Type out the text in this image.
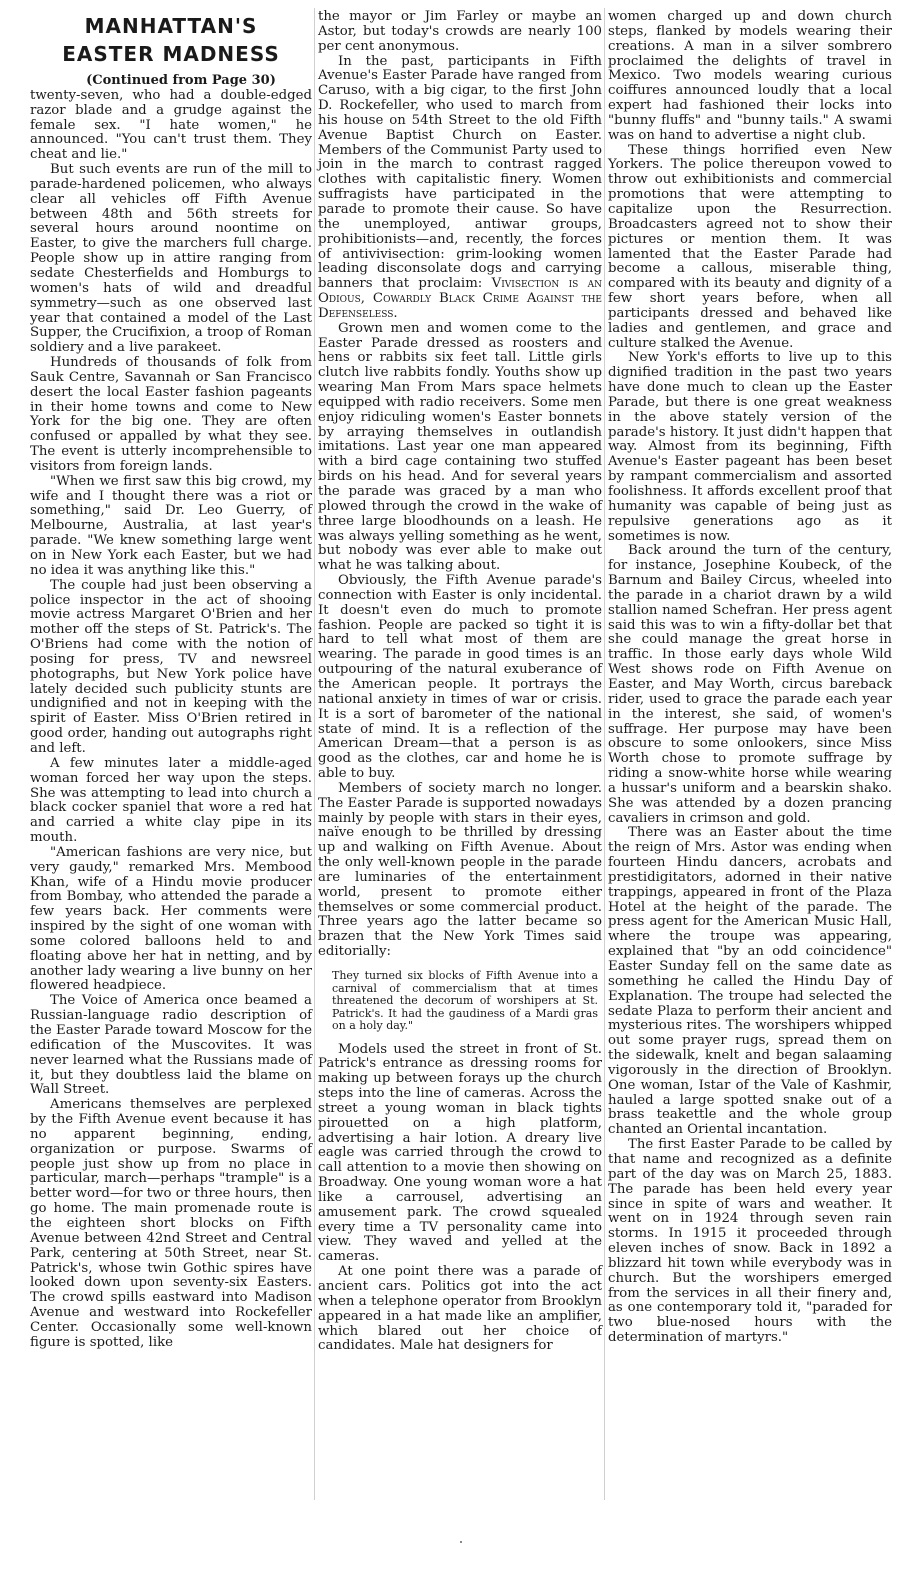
MANHATTAN'S
EASTER MADNESS

(Continued from Page 30)

twenty-seven, who had a double-edged razor blade and a grudge against the female sex. "I hate women," he announced. "You can't trust them. They cheat and lie."

But such events are run of the mill to parade-hardened policemen, who always clear all vehicles off Fifth Avenue between 48th and 56th streets for several hours around noontime on Easter, to give the marchers full charge. People show up in attire ranging from sedate Chesterfields and Homburgs to women's hats of wild and dreadful symmetry—such as one observed last year that contained a model of the Last Supper, the Crucifixion, a troop of Roman soldiery and a live parakeet.

Hundreds of thousands of folk from Sauk Centre, Savannah or San Francisco desert the local Easter fashion pageants in their home towns and come to New York for the big one. They are often confused or appalled by what they see. The event is utterly incomprehensible to visitors from foreign lands.

"When we first saw this big crowd, my wife and I thought there was a riot or something," said Dr. Leo Guerry, of Melbourne, Australia, at last year's parade. "We knew something large went on in New York each Easter, but we had no idea it was anything like this."

The couple had just been observing a police inspector in the act of shooing movie actress Margaret O'Brien and her mother off the steps of St. Patrick's. The O'Briens had come with the notion of posing for press, TV and newsreel photographs, but New York police have lately decided such publicity stunts are undignified and not in keeping with the spirit of Easter. Miss O'Brien retired in good order, handing out autographs right and left.

A few minutes later a middle-aged woman forced her way upon the steps. She was attempting to lead into church a black cocker spaniel that wore a red hat and carried a white clay pipe in its mouth.

"American fashions are very nice, but very gaudy," remarked Mrs. Membood Khan, wife of a Hindu movie producer from Bombay, who attended the parade a few years back. Her comments were inspired by the sight of one woman with some colored balloons held to and floating above her hat in netting, and by another lady wearing a live bunny on her flowered headpiece.

The Voice of America once beamed a Russian-language radio description of the Easter Parade toward Moscow for the edification of the Muscovites. It was never learned what the Russians made of it, but they doubtless laid the blame on Wall Street.

Americans themselves are perplexed by the Fifth Avenue event because it has no apparent beginning, ending, organization or purpose. Swarms of people just show up from no place in particular, march—perhaps "trample" is a better word—for two or three hours, then go home. The main promenade route is the eighteen short blocks on Fifth Avenue between 42nd Street and Central Park, centering at 50th Street, near St. Patrick's, whose twin Gothic spires have looked down upon seventy-six Easters. The crowd spills eastward into Madison Avenue and westward into Rockefeller Center. Occasionally some well-known figure is spotted, like

the mayor or Jim Farley or maybe an Astor, but today's crowds are nearly 100 per cent anonymous.

In the past, participants in Fifth Avenue's Easter Parade have ranged from Caruso, with a big cigar, to the first John D. Rockefeller, who used to march from his house on 54th Street to the old Fifth Avenue Baptist Church on Easter. Members of the Communist Party used to join in the march to contrast ragged clothes with capitalistic finery. Women suffragists have participated in the parade to promote their cause. So have the unemployed, antiwar groups, prohibitionists—and, recently, the forces of antivivisection: grim-looking women leading disconsolate dogs and carrying banners that proclaim: Vivisection is an Odious, Cowardly Black Crime Against the Defenseless.

Grown men and women come to the Easter Parade dressed as roosters and hens or rabbits six feet tall. Little girls clutch live rabbits fondly. Youths show up wearing Man From Mars space helmets equipped with radio receivers. Some men enjoy ridiculing women's Easter bonnets by arraying themselves in outlandish imitations. Last year one man appeared with a bird cage containing two stuffed birds on his head. And for several years the parade was graced by a man who plowed through the crowd in the wake of three large bloodhounds on a leash. He was always yelling something as he went, but nobody was ever able to make out what he was talking about.

Obviously, the Fifth Avenue parade's connection with Easter is only incidental. It doesn't even do much to promote fashion. People are packed so tight it is hard to tell what most of them are wearing. The parade in good times is an outpouring of the natural exuberance of the American people. It portrays the national anxiety in times of war or crisis. It is a sort of barometer of the national state of mind. It is a reflection of the American Dream—that a person is as good as the clothes, car and home he is able to buy.

Members of society march no longer. The Easter Parade is supported nowadays mainly by people with stars in their eyes, naïve enough to be thrilled by dressing up and walking on Fifth Avenue. About the only well-known people in the parade are luminaries of the entertainment world, present to promote either themselves or some commercial product. Three years ago the latter became so brazen that the New York Times said editorially:

They turned six blocks of Fifth Avenue into a carnival of commercialism that at times threatened the decorum of worshipers at St. Patrick's. It had the gaudiness of a Mardi gras on a holy day."

Models used the street in front of St. Patrick's entrance as dressing rooms for making up between forays up the church steps into the line of cameras. Across the street a young woman in black tights pirouetted on a high platform, advertising a hair lotion. A dreary live eagle was carried through the crowd to call attention to a movie then showing on Broadway. One young woman wore a hat like a carrousel, advertising an amusement park. The crowd squealed every time a TV personality came into view. They waved and yelled at the cameras.

At one point there was a parade of ancient cars. Politics got into the act when a telephone operator from Brooklyn appeared in a hat made like an amplifier, which blared out her choice of candidates. Male hat designers for

women charged up and down church steps, flanked by models wearing their creations. A man in a silver sombrero proclaimed the delights of travel in Mexico. Two models wearing curious coiffures announced loudly that a local expert had fashioned their locks into "bunny fluffs" and "bunny tails." A swami was on hand to advertise a night club.

These things horrified even New Yorkers. The police thereupon vowed to throw out exhibitionists and commercial promotions that were attempting to capitalize upon the Resurrection. Broadcasters agreed not to show their pictures or mention them. It was lamented that the Easter Parade had become a callous, miserable thing, compared with its beauty and dignity of a few short years before, when all participants dressed and behaved like ladies and gentlemen, and grace and culture stalked the Avenue.

New York's efforts to live up to this dignified tradition in the past two years have done much to clean up the Easter Parade, but there is one great weakness in the above stately version of the parade's history. It just didn't happen that way. Almost from its beginning, Fifth Avenue's Easter pageant has been beset by rampant commercialism and assorted foolishness. It affords excellent proof that humanity was capable of being just as repulsive generations ago as it sometimes is now.

Back around the turn of the century, for instance, Josephine Koubeck, of the Barnum and Bailey Circus, wheeled into the parade in a chariot drawn by a wild stallion named Schefran. Her press agent said this was to win a fifty-dollar bet that she could manage the great horse in traffic. In those early days whole Wild West shows rode on Fifth Avenue on Easter, and May Worth, circus bareback rider, used to grace the parade each year in the interest, she said, of women's suffrage. Her purpose may have been obscure to some onlookers, since Miss Worth chose to promote suffrage by riding a snow-white horse while wearing a hussar's uniform and a bearskin shako. She was attended by a dozen prancing cavaliers in crimson and gold.

There was an Easter about the time the reign of Mrs. Astor was ending when fourteen Hindu dancers, acrobats and prestidigitators, adorned in their native trappings, appeared in front of the Plaza Hotel at the height of the parade. The press agent for the American Music Hall, where the troupe was appearing, explained that "by an odd coincidence" Easter Sunday fell on the same date as something he called the Hindu Day of Explanation. The troupe had selected the sedate Plaza to perform their ancient and mysterious rites. The worshipers whipped out some prayer rugs, spread them on the sidewalk, knelt and began salaaming vigorously in the direction of Brooklyn. One woman, Istar of the Vale of Kashmir, hauled a large spotted snake out of a brass teakettle and the whole group chanted an Oriental incantation.

The first Easter Parade to be called by that name and recognized as a definite part of the day was on March 25, 1883. The parade has been held every year since in spite of wars and weather. It went on in 1924 through seven rain storms. In 1915 it proceeded through eleven inches of snow. Back in 1892 a blizzard hit town while everybody was in church. But the worshipers emerged from the services in all their finery and, as one contemporary told it, "paraded for two blue-nosed hours with the determination of martyrs."
